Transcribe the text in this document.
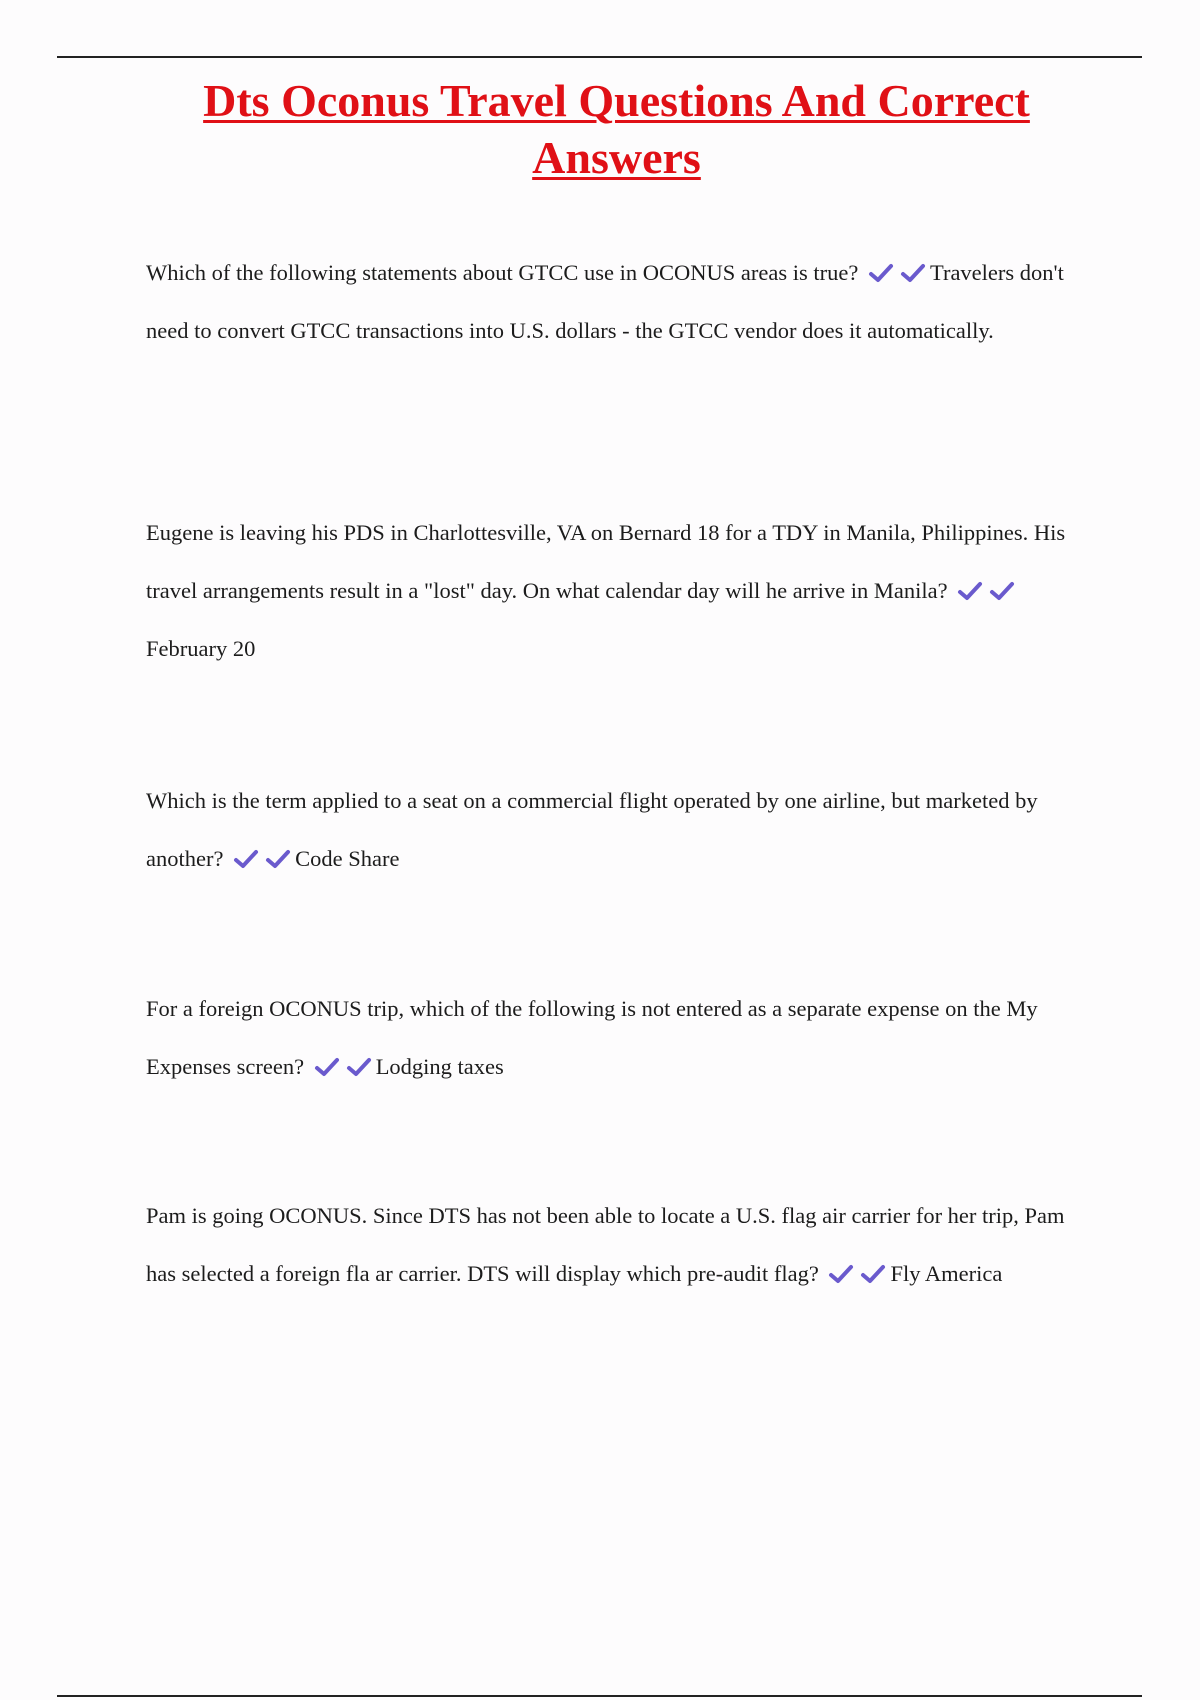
Dts Oconus Travel Questions And Correct Answers

Which of the following statements about GTCC use in OCONUS areas is true?	Travelers don't need to convert GTCC transactions into U.S. dollars - the GTCC vendor does it automatically.

Eugene is leaving his PDS in Charlottesville, VA on Bernard 18 for a TDY in Manila, Philippines. His travel arrangements result in a "lost" day. On what calendar day will he arrive in Manila?
February 20

Which is the term applied to a seat on a commercial flight operated by one airline, but marketed by another?	Code Share

For a foreign OCONUS trip, which of the following is not entered as a separate expense on the My Expenses screen?	Lodging taxes

Pam is going OCONUS. Since DTS has not been able to locate a U.S. flag air carrier for her trip, Pam has selected a foreign fla ar carrier. DTS will display which pre-audit flag?	Fly America
